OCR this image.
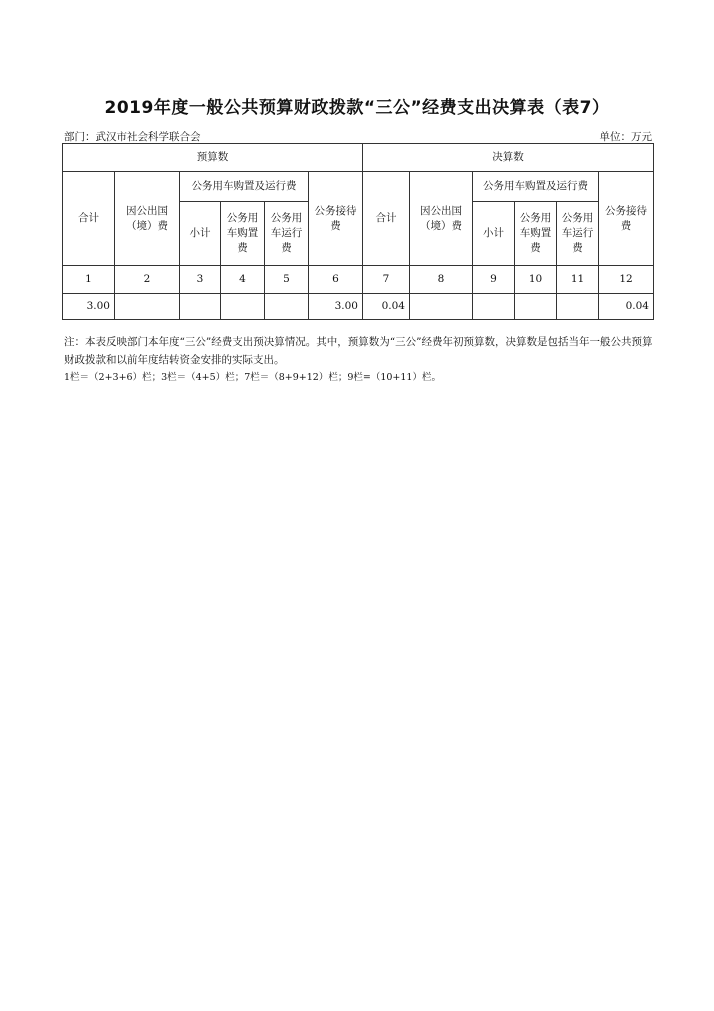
2019年度一般公共预算财政拨款“三公”经费支出决算表（表7）
部门：武汉市社会科学联合会	单位：万元
预算数						决算数					
合计	因公出国（境）费	公务用车购置及运行费			公务接待费	合计	因公出国（境）费	公务用车购置及运行费			公务接待费
		小计	公务用车购置费	公务用车运行费				小计	公务用车购置费	公务用车运行费	
1	2	3	4	5	6	7	8	9	10	11	12
3.00					3.00	0.04					0.04

注：本表反映部门本年度“三公”经费支出预决算情况。其中，预算数为“三公”经费年初预算数，决算数是包括当年一般公共预算财政拨款和以前年度结转资金安排的实际支出。

1栏＝（2+3+6）栏；3栏＝（4+5）栏；7栏＝（8+9+12）栏；9栏=（10+11）栏。
